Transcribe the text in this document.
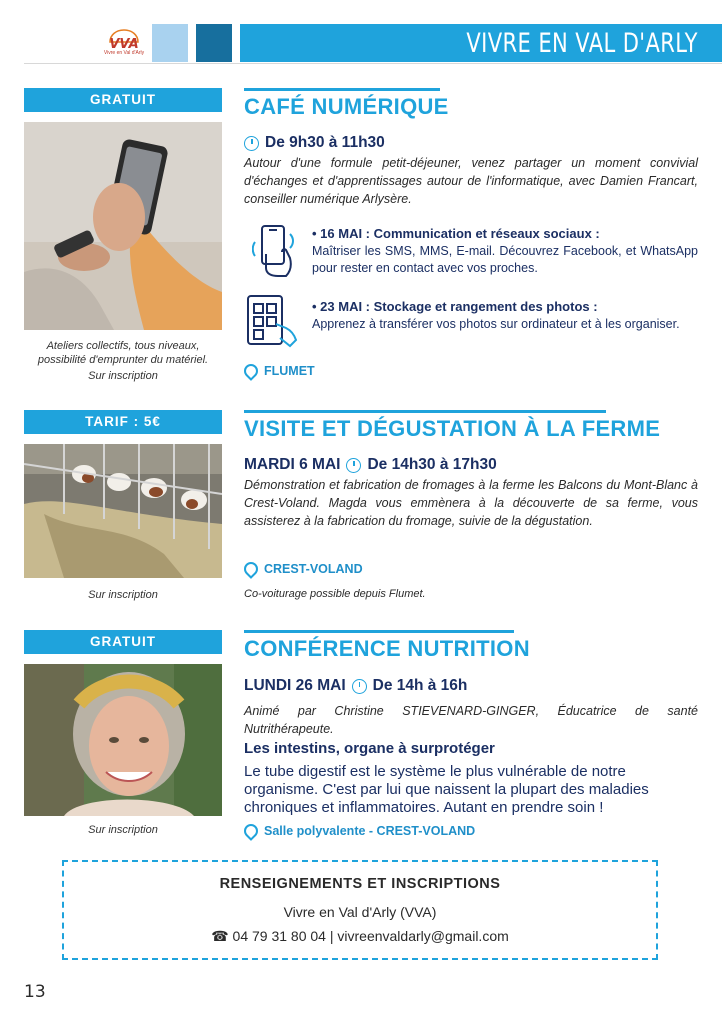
VVA
Vivre en Val d'Arly	VIVRE EN VAL D'ARLY
GRATUIT
Ateliers collectifs, tous niveaux, possibilité d'emprunter du matériel.
Sur inscription
CAFÉ NUMÉRIQUE
De 9h30 à 11h30
Autour d'une formule petit-déjeuner, venez partager un moment convivial d'échanges et d'apprentissages autour de l'informatique, avec Damien Francart, conseiller numérique Arlysère.
• 16 MAI : Communication et réseaux sociaux :
Maîtriser les SMS, MMS, E-mail. Découvrez Facebook, et WhatsApp pour rester en contact avec vos proches.
• 23 MAI : Stockage et rangement des photos :
Apprenez à transférer vos photos sur ordinateur et à les organiser.
FLUMET
TARIF : 5€
Sur inscription
VISITE ET DÉGUSTATION À LA FERME
MARDI 6 MAI De 14h30 à 17h30
Démonstration et fabrication de fromages à la ferme les Balcons du Mont-Blanc à Crest-Voland. Magda vous emmènera à la découverte de sa ferme, vous assisterez à la fabrication du fromage, suivie de la dégustation.
CREST-VOLAND
Co-voiturage possible depuis Flumet.
GRATUIT
Sur inscription
CONFÉRENCE NUTRITION
LUNDI 26 MAI De 14h à 16h
Animé par Christine STIEVENARD-GINGER, Éducatrice de santé Nutrithérapeute.
Les intestins, organe à surprotéger
Le tube digestif est le système le plus vulnérable de notre organisme. C'est par lui que naissent la plupart des maladies chroniques et inflammatoires. Autant en prendre soin !
Salle polyvalente - CREST-VOLAND
RENSEIGNEMENTS ET INSCRIPTIONS
Vivre en Val d'Arly (VVA)
☎ 04 79 31 80 04 | vivreenvaldarly@gmail.com
13
